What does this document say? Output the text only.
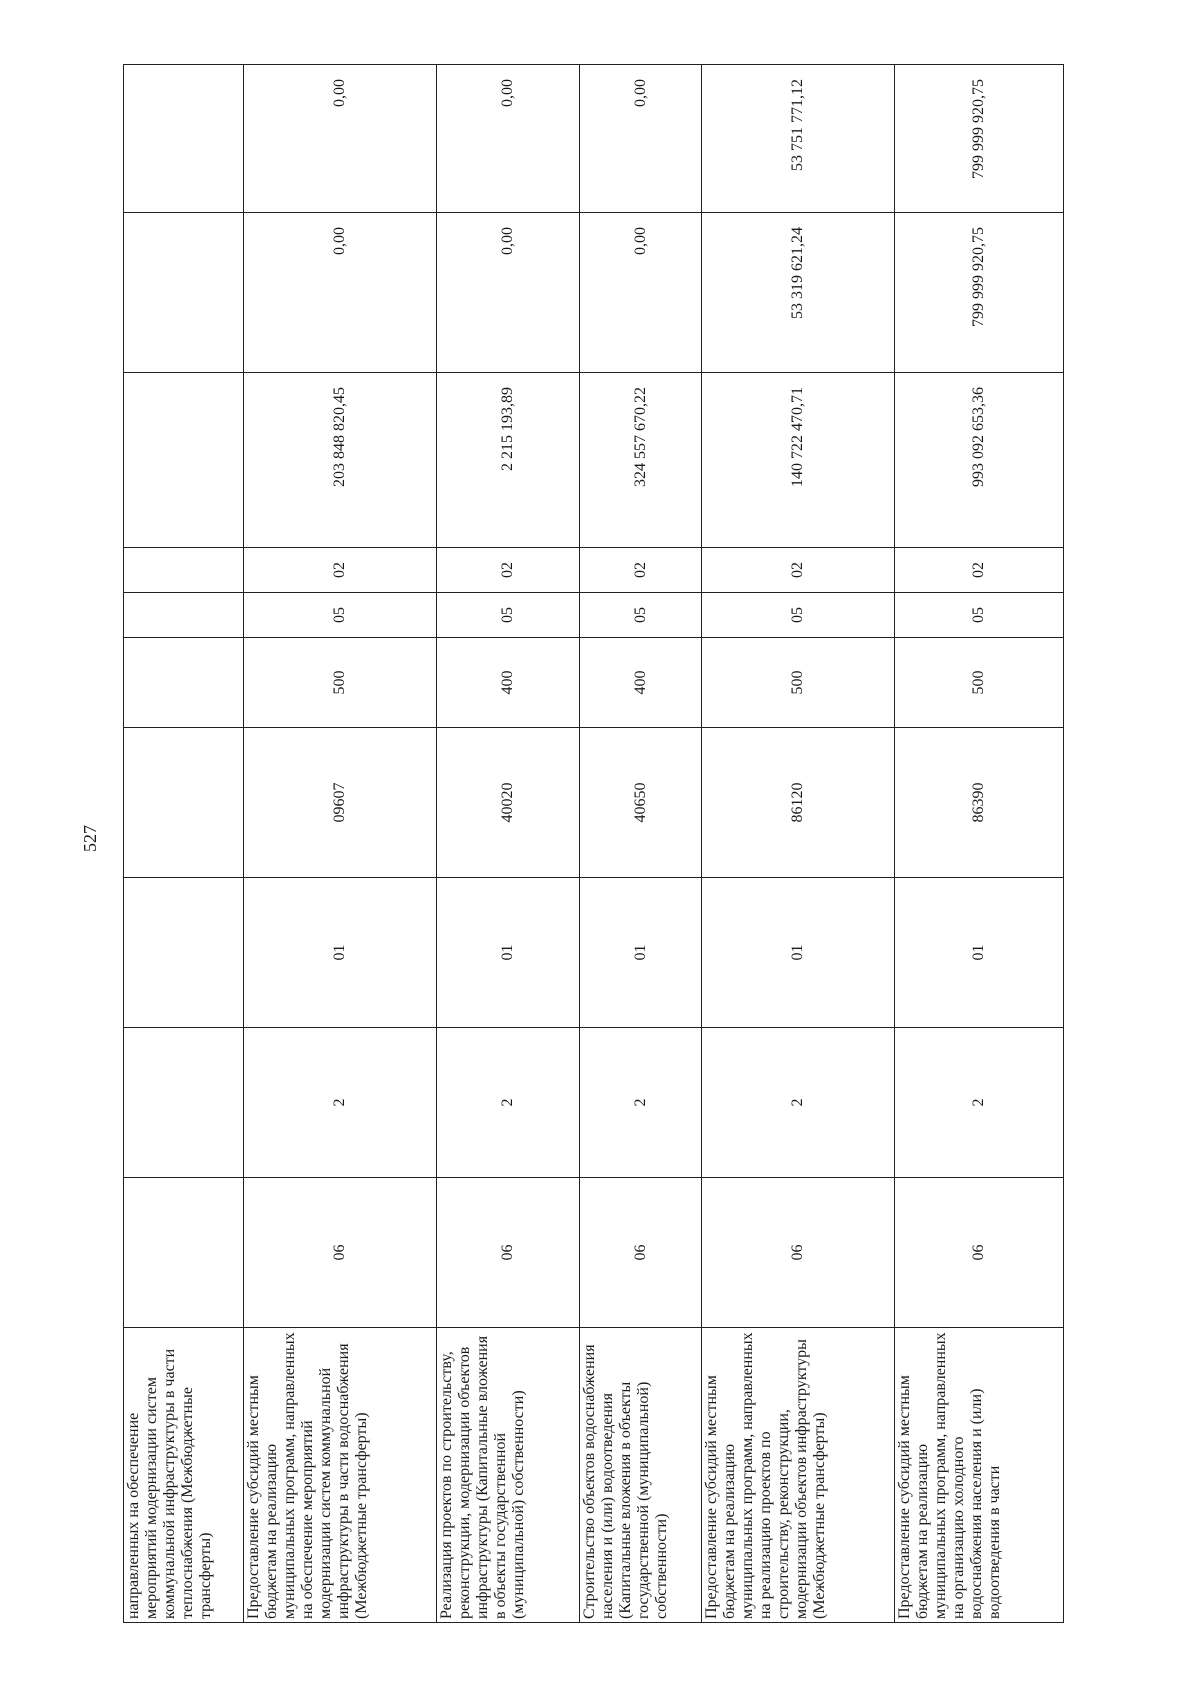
527
направленных на обеспечение мероприятий модернизации систем коммунальной инфраструктуры в части теплоснабжения (Межбюджетные трансферты)										
Предоставление субсидий местным бюджетам на реализацию муниципальных программ, направленных на обеспечение мероприятий модернизации систем коммунальной инфраструктуры в части водоснабжения (Межбюджетные трансферты)	06	2	01	09607	500	05	02	203 848 820,45	0,00	0,00
Реализация проектов по строительству, реконструкции, модернизации объектов инфраструктуры (Капитальные вложения в объекты государственной (муниципальной) собственности)	06	2	01	40020	400	05	02	2 215 193,89	0,00	0,00
Строительство объектов водоснабжения населения и (или) водоотведения (Капитальные вложения в объекты государственной (муниципальной) собственности)	06	2	01	40650	400	05	02	324 557 670,22	0,00	0,00
Предоставление субсидий местным бюджетам на реализацию муниципальных программ, направленных на реализацию проектов по строительству, реконструкции, модернизации объектов инфраструктуры (Межбюджетные трансферты)	06	2	01	86120	500	05	02	140 722 470,71	53 319 621,24	53 751 771,12
Предоставление субсидий местным бюджетам на реализацию муниципальных программ, направленных на организацию холодного водоснабжения населения и (или) водоотведения в части	06	2	01	86390	500	05	02	993 092 653,36	799 999 920,75	799 999 920,75
